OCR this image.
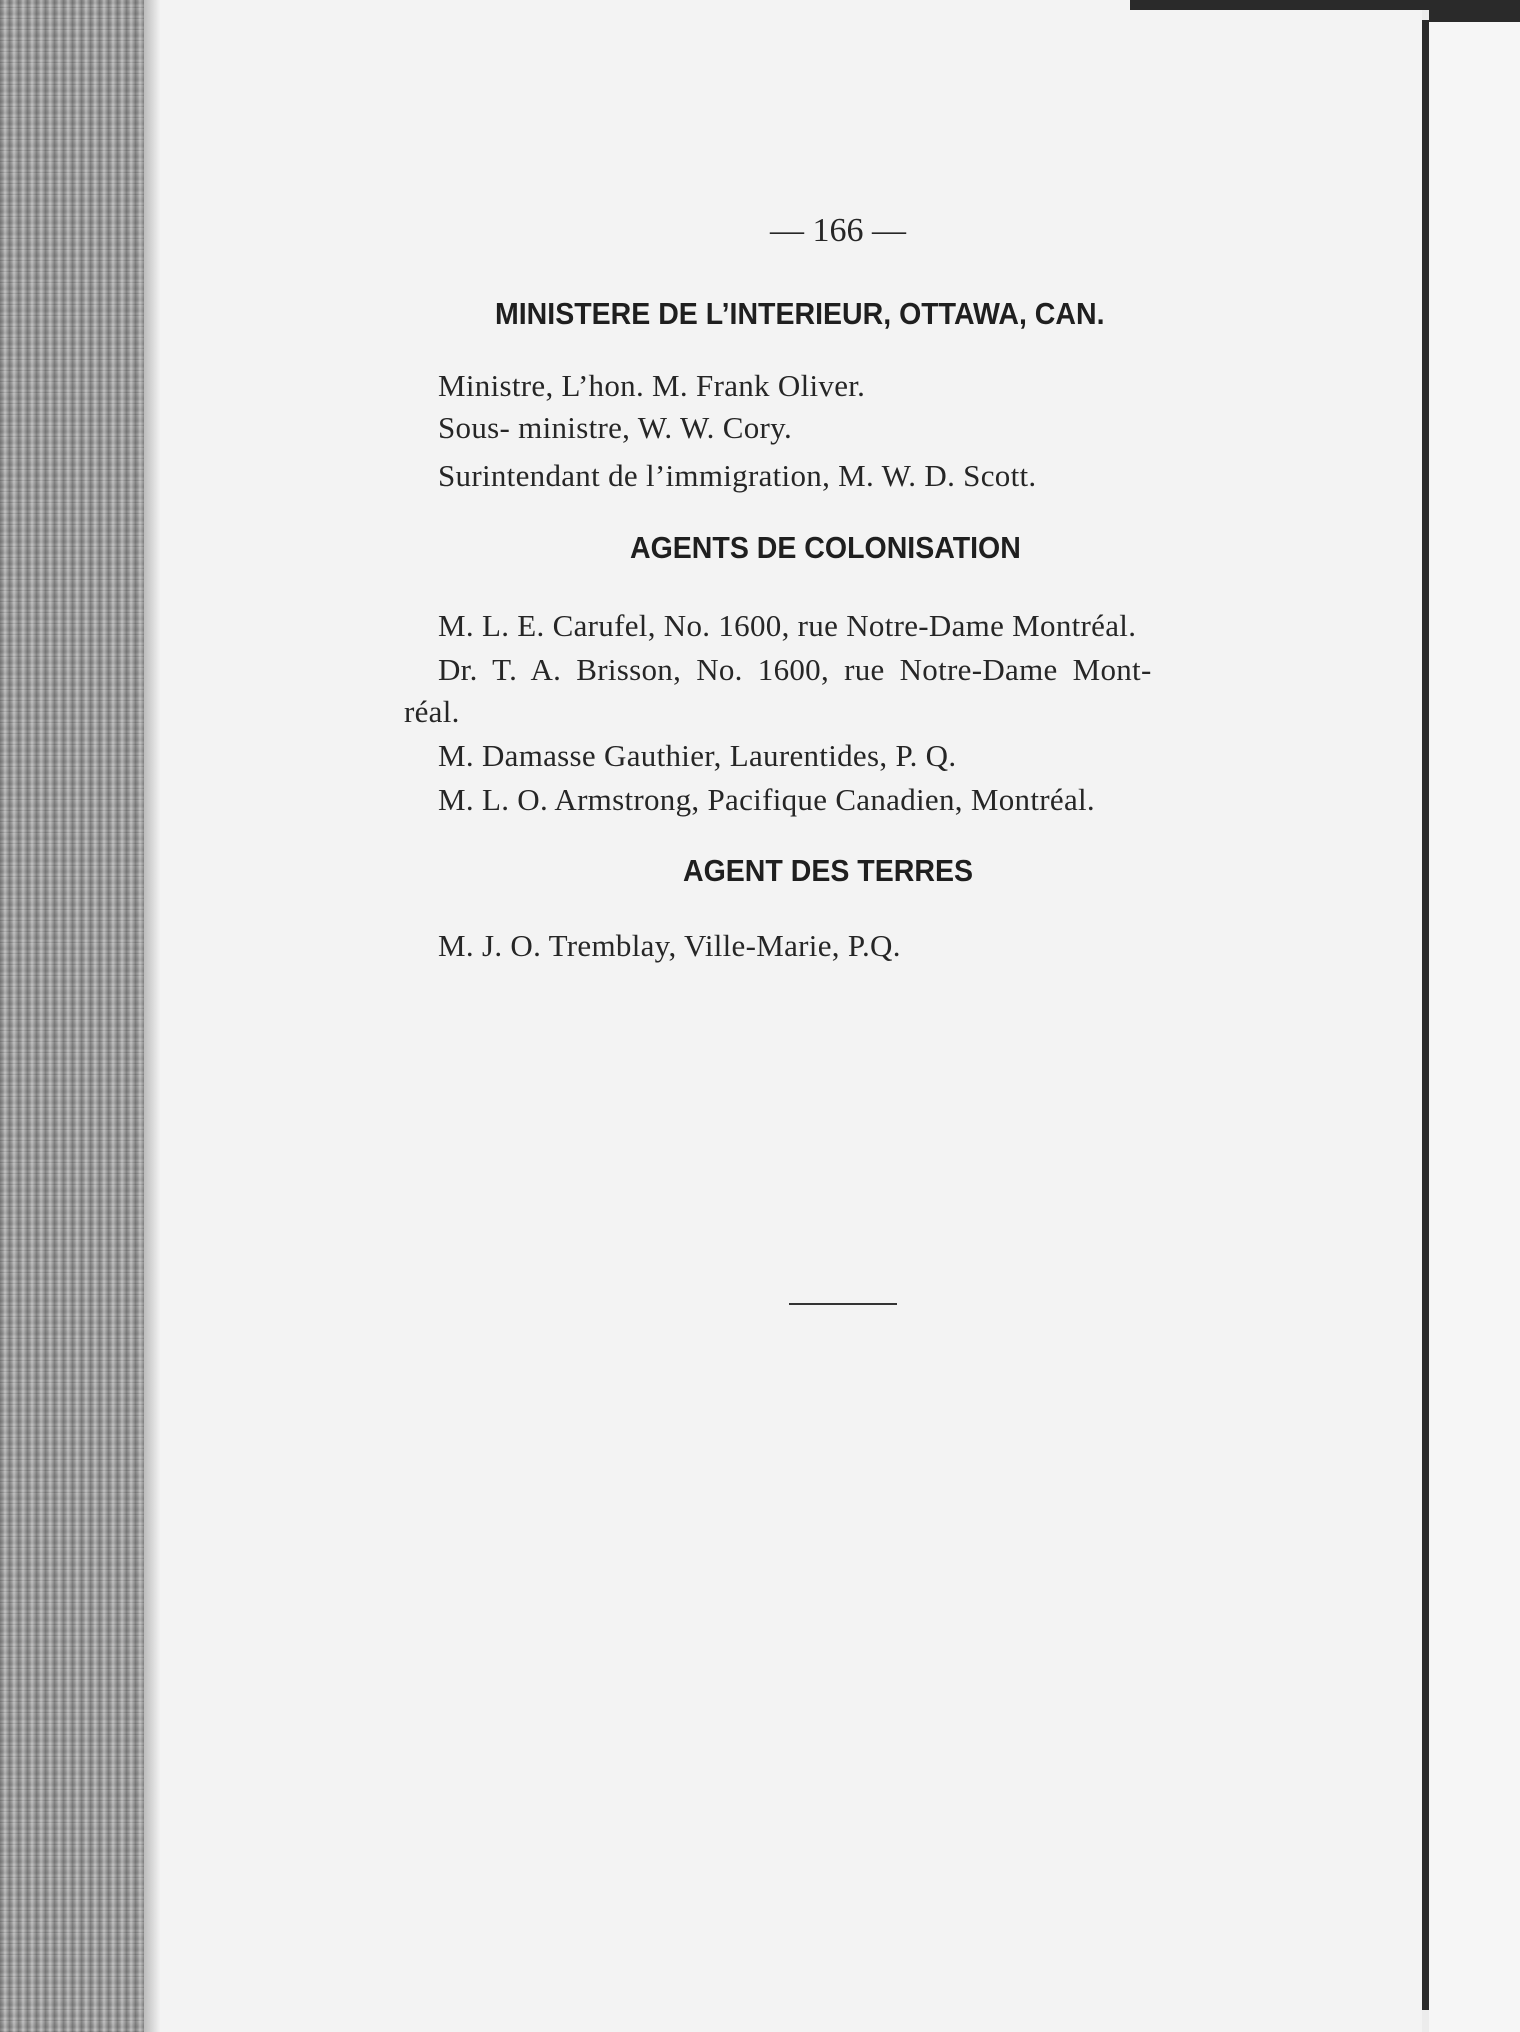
— 166 —
MINISTERE DE L’INTERIEUR, OTTAWA, CAN.
Ministre, L’hon. M. Frank Oliver.
Sous- ministre, W. W. Cory.
Surintendant de l’immigration, M. W. D. Scott.
AGENTS DE COLONISATION
M. L. E. Carufel, No. 1600, rue Notre-Dame Montréal.
Dr. T. A. Brisson, No. 1600, rue Notre-Dame Mont-
réal.
M. Damasse Gauthier, Laurentides, P. Q.
M. L. O. Armstrong, Pacifique Canadien, Montréal.
AGENT DES TERRES
M. J. O. Tremblay, Ville-Marie, P.Q.
